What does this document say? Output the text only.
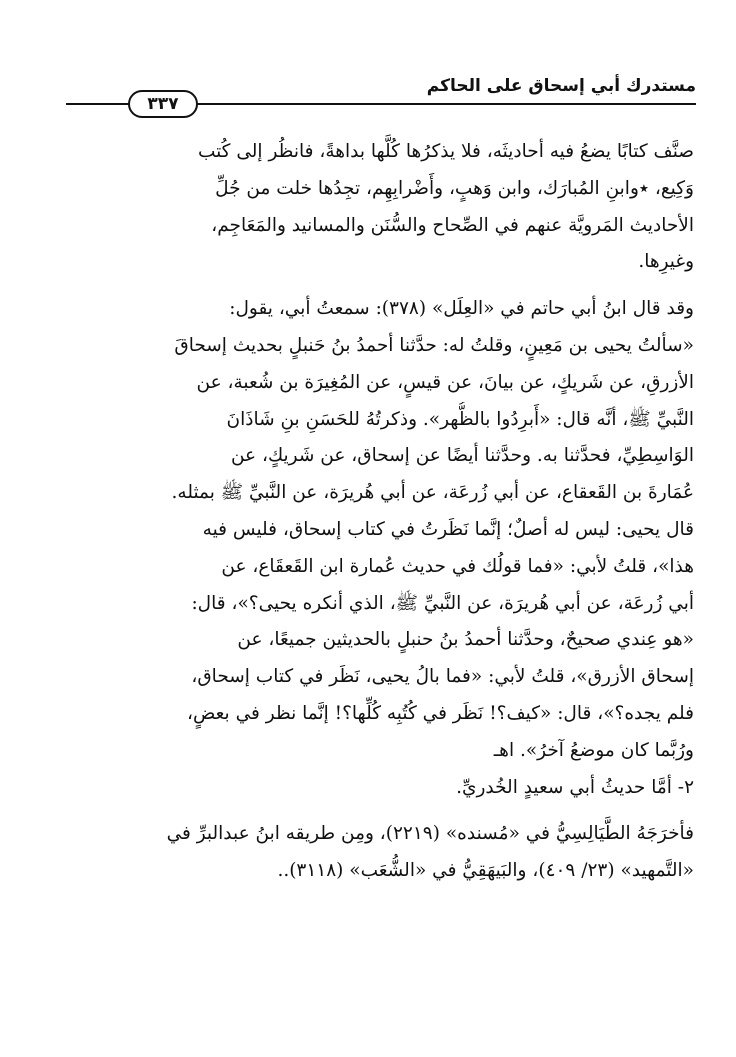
مستدرك أبي إسحاق على الحاكم
٣٣٧
صنَّف كتابًا يضعُ فيه أحاديثَه، فلا يذكرُها كُلَّها بداهةً، فانظُر إلى كُتب
وَكِيع، ٭وابنِ المُبارَك، وابن وَهبٍ، وأَضْرابِهِم، تجِدُها خلت من جُلِّ
الأحاديث المَرويَّة عنهم في الصِّحاح والسُّنَن والمسانيد والمَعَاجِم،
وغيرِها.
وقد قال ابنُ أبي حاتم في «العِلَل» (٣٧٨): سمعتُ أبي، يقول:
«سألتُ يحيى بن مَعِينٍ، وقلتُ له: حدَّثنا أحمدُ بنُ حَنبلٍ بحديث إسحاقَ
الأزرقِ، عن شَريكٍ، عن بيانَ، عن قيسٍ، عن المُغِيرَة بن شُعبة، عن
النَّبيِّ ﷺ، أنَّه قال: «أَبرِدُوا بالظُّهر». وذكرتُهُ للحَسَنِ بنِ شَاذَانَ
الوَاسِطِيِّ، فحدَّثنا به. وحدَّثنا أيضًا عن إسحاق، عن شَريكٍ، عن
عُمَارةَ بن القَعقاع، عن أبي زُرعَة، عن أبي هُريرَة، عن النَّبيِّ ﷺ بمثله.
قال يحيى: ليس له أصلٌ؛ إنَّما نَظَرتُ في كتاب إسحاق، فليس فيه
هذا»، قلتُ لأبي: «فما قولُك في حديث عُمارة ابن القَعقَاع، عن
أبي زُرعَة، عن أبي هُريرَة، عن النَّبيِّ ﷺ، الذي أنكره يحيى؟»، قال:
«هو عِندي صحيحٌ، وحدَّثنا أحمدُ بنُ حنبلٍ بالحديثين جميعًا، عن
إسحاق الأزرق»، قلتُ لأبي: «فما بالُ يحيى، نَظَر في كتاب إسحاق،
فلم يجده؟»، قال: «كيف؟! نَظَر في كُتُبِه كُلِّها؟! إنَّما نظر في بعضٍ،
ورُبَّما كان موضعُ آخرُ». اهـ
٢- أمَّا حديثُ أبي سعيدٍ الخُدريِّ.
فأخرَجَهُ الطَّيَالِسِيُّ في «مُسنده» (٢٢١٩)، ومِن طريقه ابنُ عبدالبرِّ في
«التَّمهيد» (٢٣/ ٤٠٩)، والبَيهَقِيُّ في «الشُّعَب» (٣١١٨)..
